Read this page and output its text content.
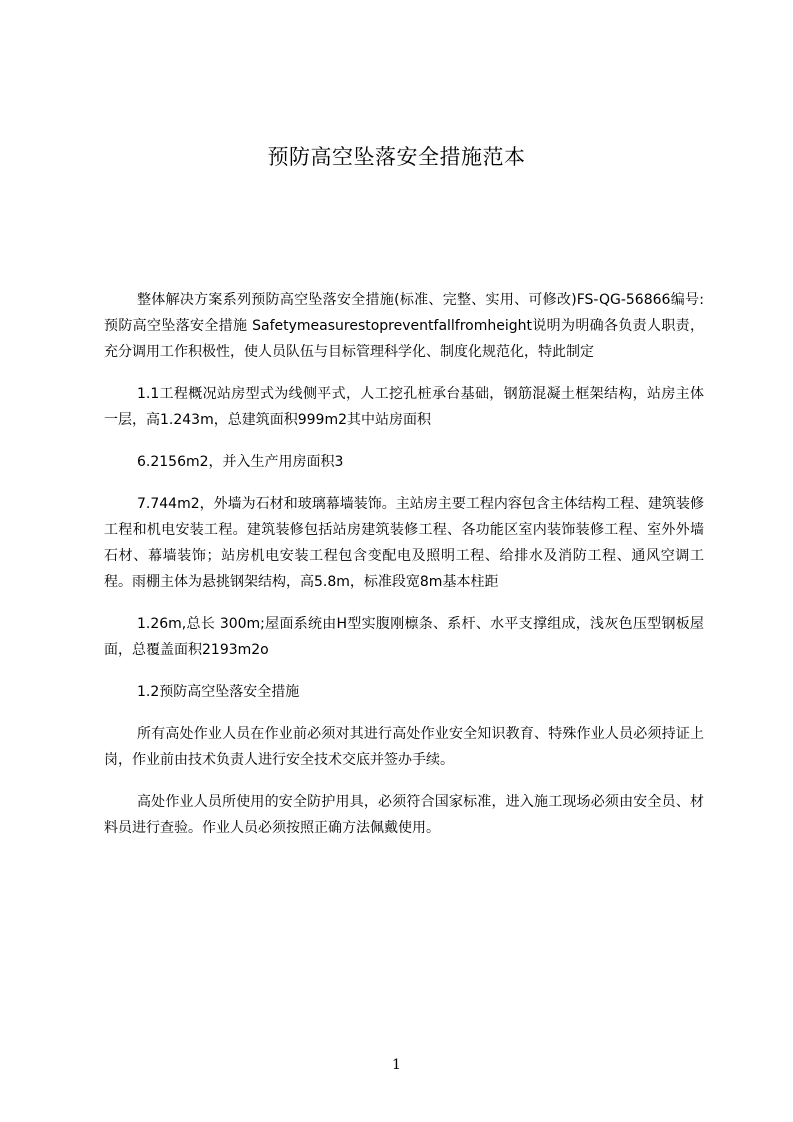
预防高空坠落安全措施范本

整体解决方案系列预防高空坠落安全措施(标准、完整、实用、可修改)FS-QG-56866编号:预防高空坠落安全措施 Safetymeasurestopreventfallfromheight说明为明确各负责人职责，充分调用工作积极性，使人员队伍与目标管理科学化、制度化规范化，特此制定

1.1工程概况站房型式为线侧平式，人工挖孔桩承台基础，钢筋混凝土框架结构，站房主体一层，高1.243m，总建筑面积999m2其中站房面积

6.2156m2，并入生产用房面积3

7.744m2，外墙为石材和玻璃幕墙装饰。主站房主要工程内容包含主体结构工程、建筑装修工程和机电安装工程。建筑装修包括站房建筑装修工程、各功能区室内装饰装修工程、室外外墙石材、幕墙装饰；站房机电安装工程包含变配电及照明工程、给排水及消防工程、通风空调工程。雨棚主体为悬挑钢架结构，高5.8m，标准段宽8m基本柱距

1.26m,总长 300m;屋面系统由H型实腹刚檩条、系杆、水平支撑组成，浅灰色压型钢板屋面，总覆盖面积2193m2o

1.2预防高空坠落安全措施

所有高处作业人员在作业前必须对其进行高处作业安全知识教育、特殊作业人员必须持证上岗，作业前由技术负责人进行安全技术交底并签办手续。

高处作业人员所使用的安全防护用具，必须符合国家标准，进入施工现场必须由安全员、材料员进行查验。作业人员必须按照正确方法佩戴使用。

1
